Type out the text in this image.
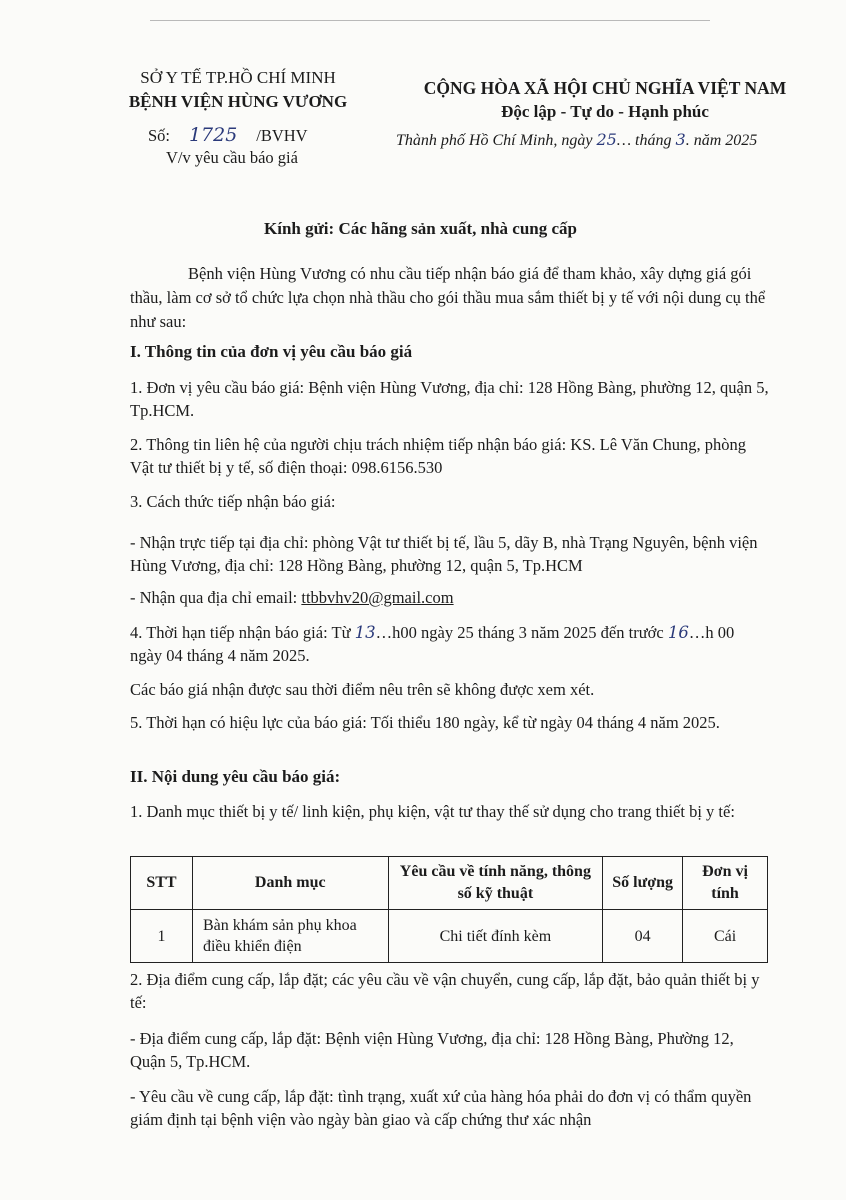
SỞ Y TẾ TP.HỒ CHÍ MINH
BỆNH VIỆN HÙNG VƯƠNG
Số: 1725 /BVHV
V/v yêu cầu báo giá
CỘNG HÒA XÃ HỘI CHỦ NGHĨA VIỆT NAM
Độc lập - Tự do - Hạnh phúc
Thành phố Hồ Chí Minh, ngày 25… tháng 3. năm 2025
Kính gửi: Các hãng sản xuất, nhà cung cấp
Bệnh viện Hùng Vương có nhu cầu tiếp nhận báo giá để tham khảo, xây dựng giá gói thầu, làm cơ sở tổ chức lựa chọn nhà thầu cho gói thầu mua sắm thiết bị y tế với nội dung cụ thể như sau:
I. Thông tin của đơn vị yêu cầu báo giá
1. Đơn vị yêu cầu báo giá: Bệnh viện Hùng Vương, địa chỉ: 128 Hồng Bàng, phường 12, quận 5, Tp.HCM.
2. Thông tin liên hệ của người chịu trách nhiệm tiếp nhận báo giá: KS. Lê Văn Chung, phòng Vật tư thiết bị y tế, số điện thoại: 098.6156.530
3. Cách thức tiếp nhận báo giá:
- Nhận trực tiếp tại địa chỉ: phòng Vật tư thiết bị tế, lầu 5, dãy B, nhà Trạng Nguyên, bệnh viện Hùng Vương, địa chỉ: 128 Hồng Bàng, phường 12, quận 5, Tp.HCM
- Nhận qua địa chỉ email: ttbbvhv20@gmail.com
4. Thời hạn tiếp nhận báo giá: Từ 13…h00 ngày 25 tháng 3 năm 2025 đến trước 16…h 00 ngày 04 tháng 4 năm 2025.
Các báo giá nhận được sau thời điểm nêu trên sẽ không được xem xét.
5. Thời hạn có hiệu lực của báo giá: Tối thiểu 180 ngày, kể từ ngày 04 tháng 4 năm 2025.
II. Nội dung yêu cầu báo giá:
1. Danh mục thiết bị y tế/ linh kiện, phụ kiện, vật tư thay thế sử dụng cho trang thiết bị y tế:
STT	Danh mục	Yêu cầu về tính năng, thông số kỹ thuật	Số lượng	Đơn vị tính
1	Bàn khám sản phụ khoa điều khiển điện	Chi tiết đính kèm	04	Cái
2. Địa điểm cung cấp, lắp đặt; các yêu cầu về vận chuyển, cung cấp, lắp đặt, bảo quản thiết bị y tế:
- Địa điểm cung cấp, lắp đặt: Bệnh viện Hùng Vương, địa chỉ: 128 Hồng Bàng, Phường 12, Quận 5, Tp.HCM.
- Yêu cầu về cung cấp, lắp đặt: tình trạng, xuất xứ của hàng hóa phải do đơn vị có thẩm quyền giám định tại bệnh viện vào ngày bàn giao và cấp chứng thư xác nhận
